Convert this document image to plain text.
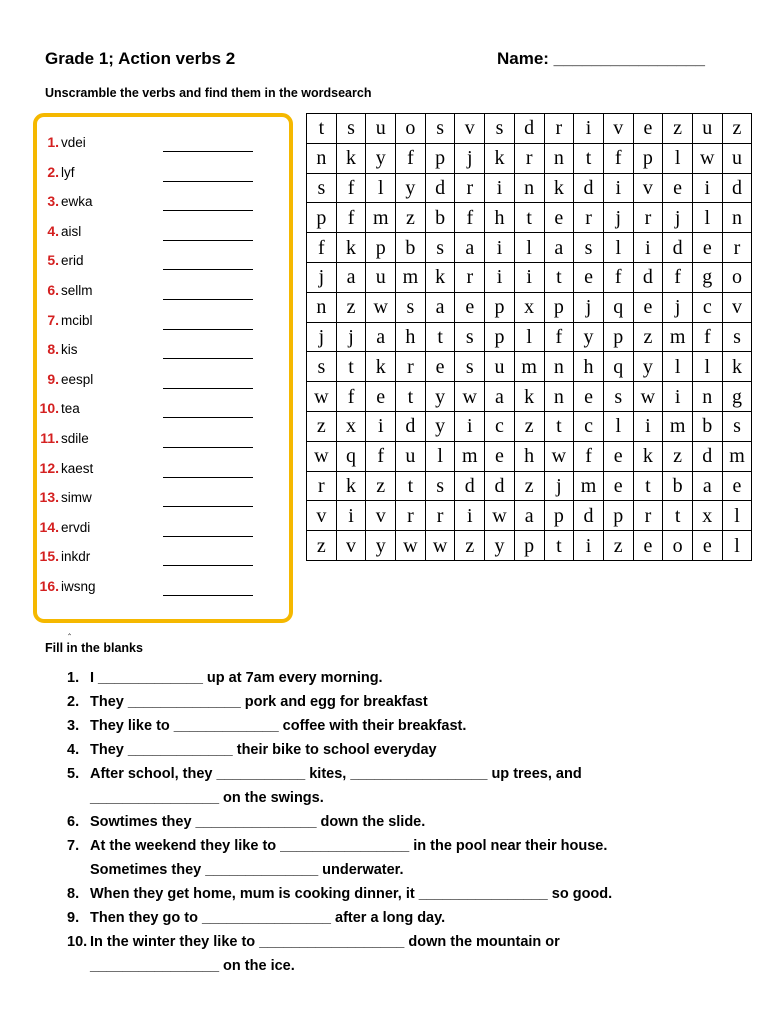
Grade 1; Action verbs 2	Name: ________________
Unscramble the verbs and find them in the wordsearch
1. vdei
2. lyf
3. ewka
4. aisl
5. erid
6. sellm
7. mcibl
8. kis
9. eespl
10. tea
11. sdile
12. kaest
13. simw
14. ervdi
15. inkdr
16. iwsng
t	s	u	o	s	v	s	d	r	i	v	e	z	u	z
n	k	y	f	p	j	k	r	n	t	f	p	l	w	u
s	f	l	y	d	r	i	n	k	d	i	v	e	i	d
p	f	m	z	b	f	h	t	e	r	j	r	j	l	n
f	k	p	b	s	a	i	l	a	s	l	i	d	e	r
j	a	u	m	k	r	i	i	t	e	f	d	f	g	o
n	z	w	s	a	e	p	x	p	j	q	e	j	c	v
j	j	a	h	t	s	p	l	f	y	p	z	m	f	s
s	t	k	r	e	s	u	m	n	h	q	y	l	l	k
w	f	e	t	y	w	a	k	n	e	s	w	i	n	g
z	x	i	d	y	i	c	z	t	c	l	i	m	b	s
w	q	f	u	l	m	e	h	w	f	e	k	z	d	m
r	k	z	t	s	d	d	z	j	m	e	t	b	a	e
v	i	v	r	r	i	w	a	p	d	p	r	t	x	l
z	v	y	w	w	z	y	p	t	i	z	e	o	e	l
‸
Fill in the blanks
1. I _____________ up at 7am every morning.
2. They ______________ pork and egg for breakfast
3. They like to _____________ coffee with their breakfast.
4. They _____________ their bike to school everyday
5. After school, they ___________ kites, _________________ up trees, and
________________ on the swings.
6. Sowtimes they _______________ down the slide.
7. At the weekend they like to ________________ in the pool near their house.
Sometimes they ______________ underwater.
8. When they get home, mum is cooking dinner, it ________________ so good.
9. Then they go to ________________ after a long day.
10. In the winter they like to __________________ down the mountain or
________________ on the ice.
